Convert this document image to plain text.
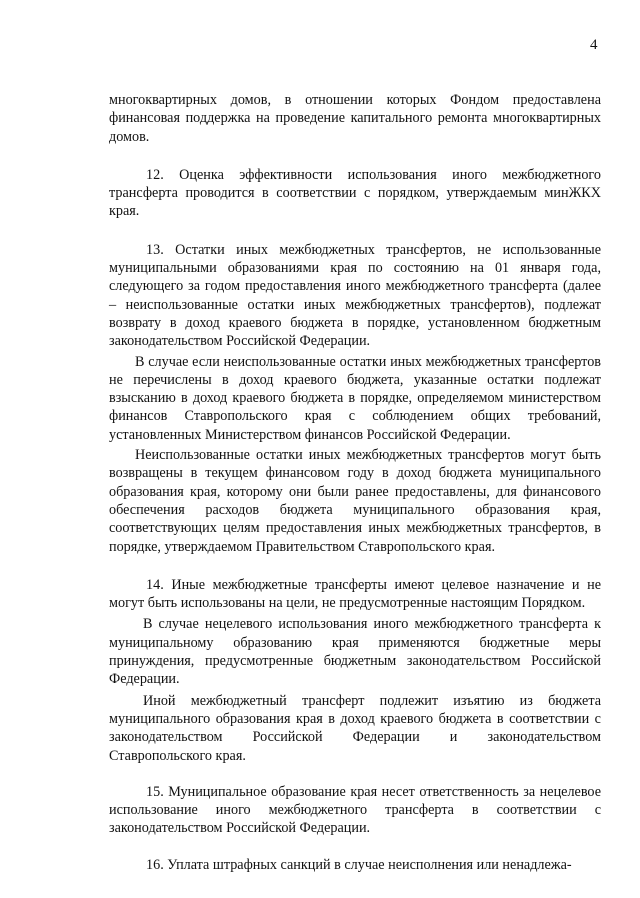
4

многоквартирных домов, в отношении которых Фондом предоставлена финансовая поддержка на проведение капитального ремонта многоквартирных домов.

12. Оценка эффективности использования иного межбюджетного трансферта проводится в соответствии с порядком, утверждаемым минЖКХ края.

13. Остатки иных межбюджетных трансфертов, не использованные муниципальными образованиями края по состоянию на 01 января года, следующего за годом предоставления иного межбюджетного трансферта (далее – неиспользованные остатки иных межбюджетных трансфертов), подлежат возврату в доход краевого бюджета в порядке, установленном бюджетным законодательством Российской Федерации.

В случае если неиспользованные остатки иных межбюджетных трансфертов не перечислены в доход краевого бюджета, указанные остатки подлежат взысканию в доход краевого бюджета в порядке, определяемом министерством финансов Ставропольского края с соблюдением общих требований, установленных Министерством финансов Российской Федерации.

Неиспользованные остатки иных межбюджетных трансфертов могут быть возвращены в текущем финансовом году в доход бюджета муниципального образования края, которому они были ранее предоставлены, для финансового обеспечения расходов бюджета муниципального образования края, соответствующих целям предоставления иных межбюджетных трансфертов, в порядке, утверждаемом Правительством Ставропольского края.

14. Иные межбюджетные трансферты имеют целевое назначение и не могут быть использованы на цели, не предусмотренные настоящим Порядком.

В случае нецелевого использования иного межбюджетного трансферта к муниципальному образованию края применяются бюджетные меры принуждения, предусмотренные бюджетным законодательством Российской Федерации.

Иной межбюджетный трансферт подлежит изъятию из бюджета муниципального образования края в доход краевого бюджета в соответствии с законодательством Российской Федерации и законодательством Ставропольского края.

15. Муниципальное образование края несет ответственность за нецелевое использование иного межбюджетного трансферта в соответствии с законодательством Российской Федерации.

16. Уплата штрафных санкций в случае неисполнения или ненадлежа-
